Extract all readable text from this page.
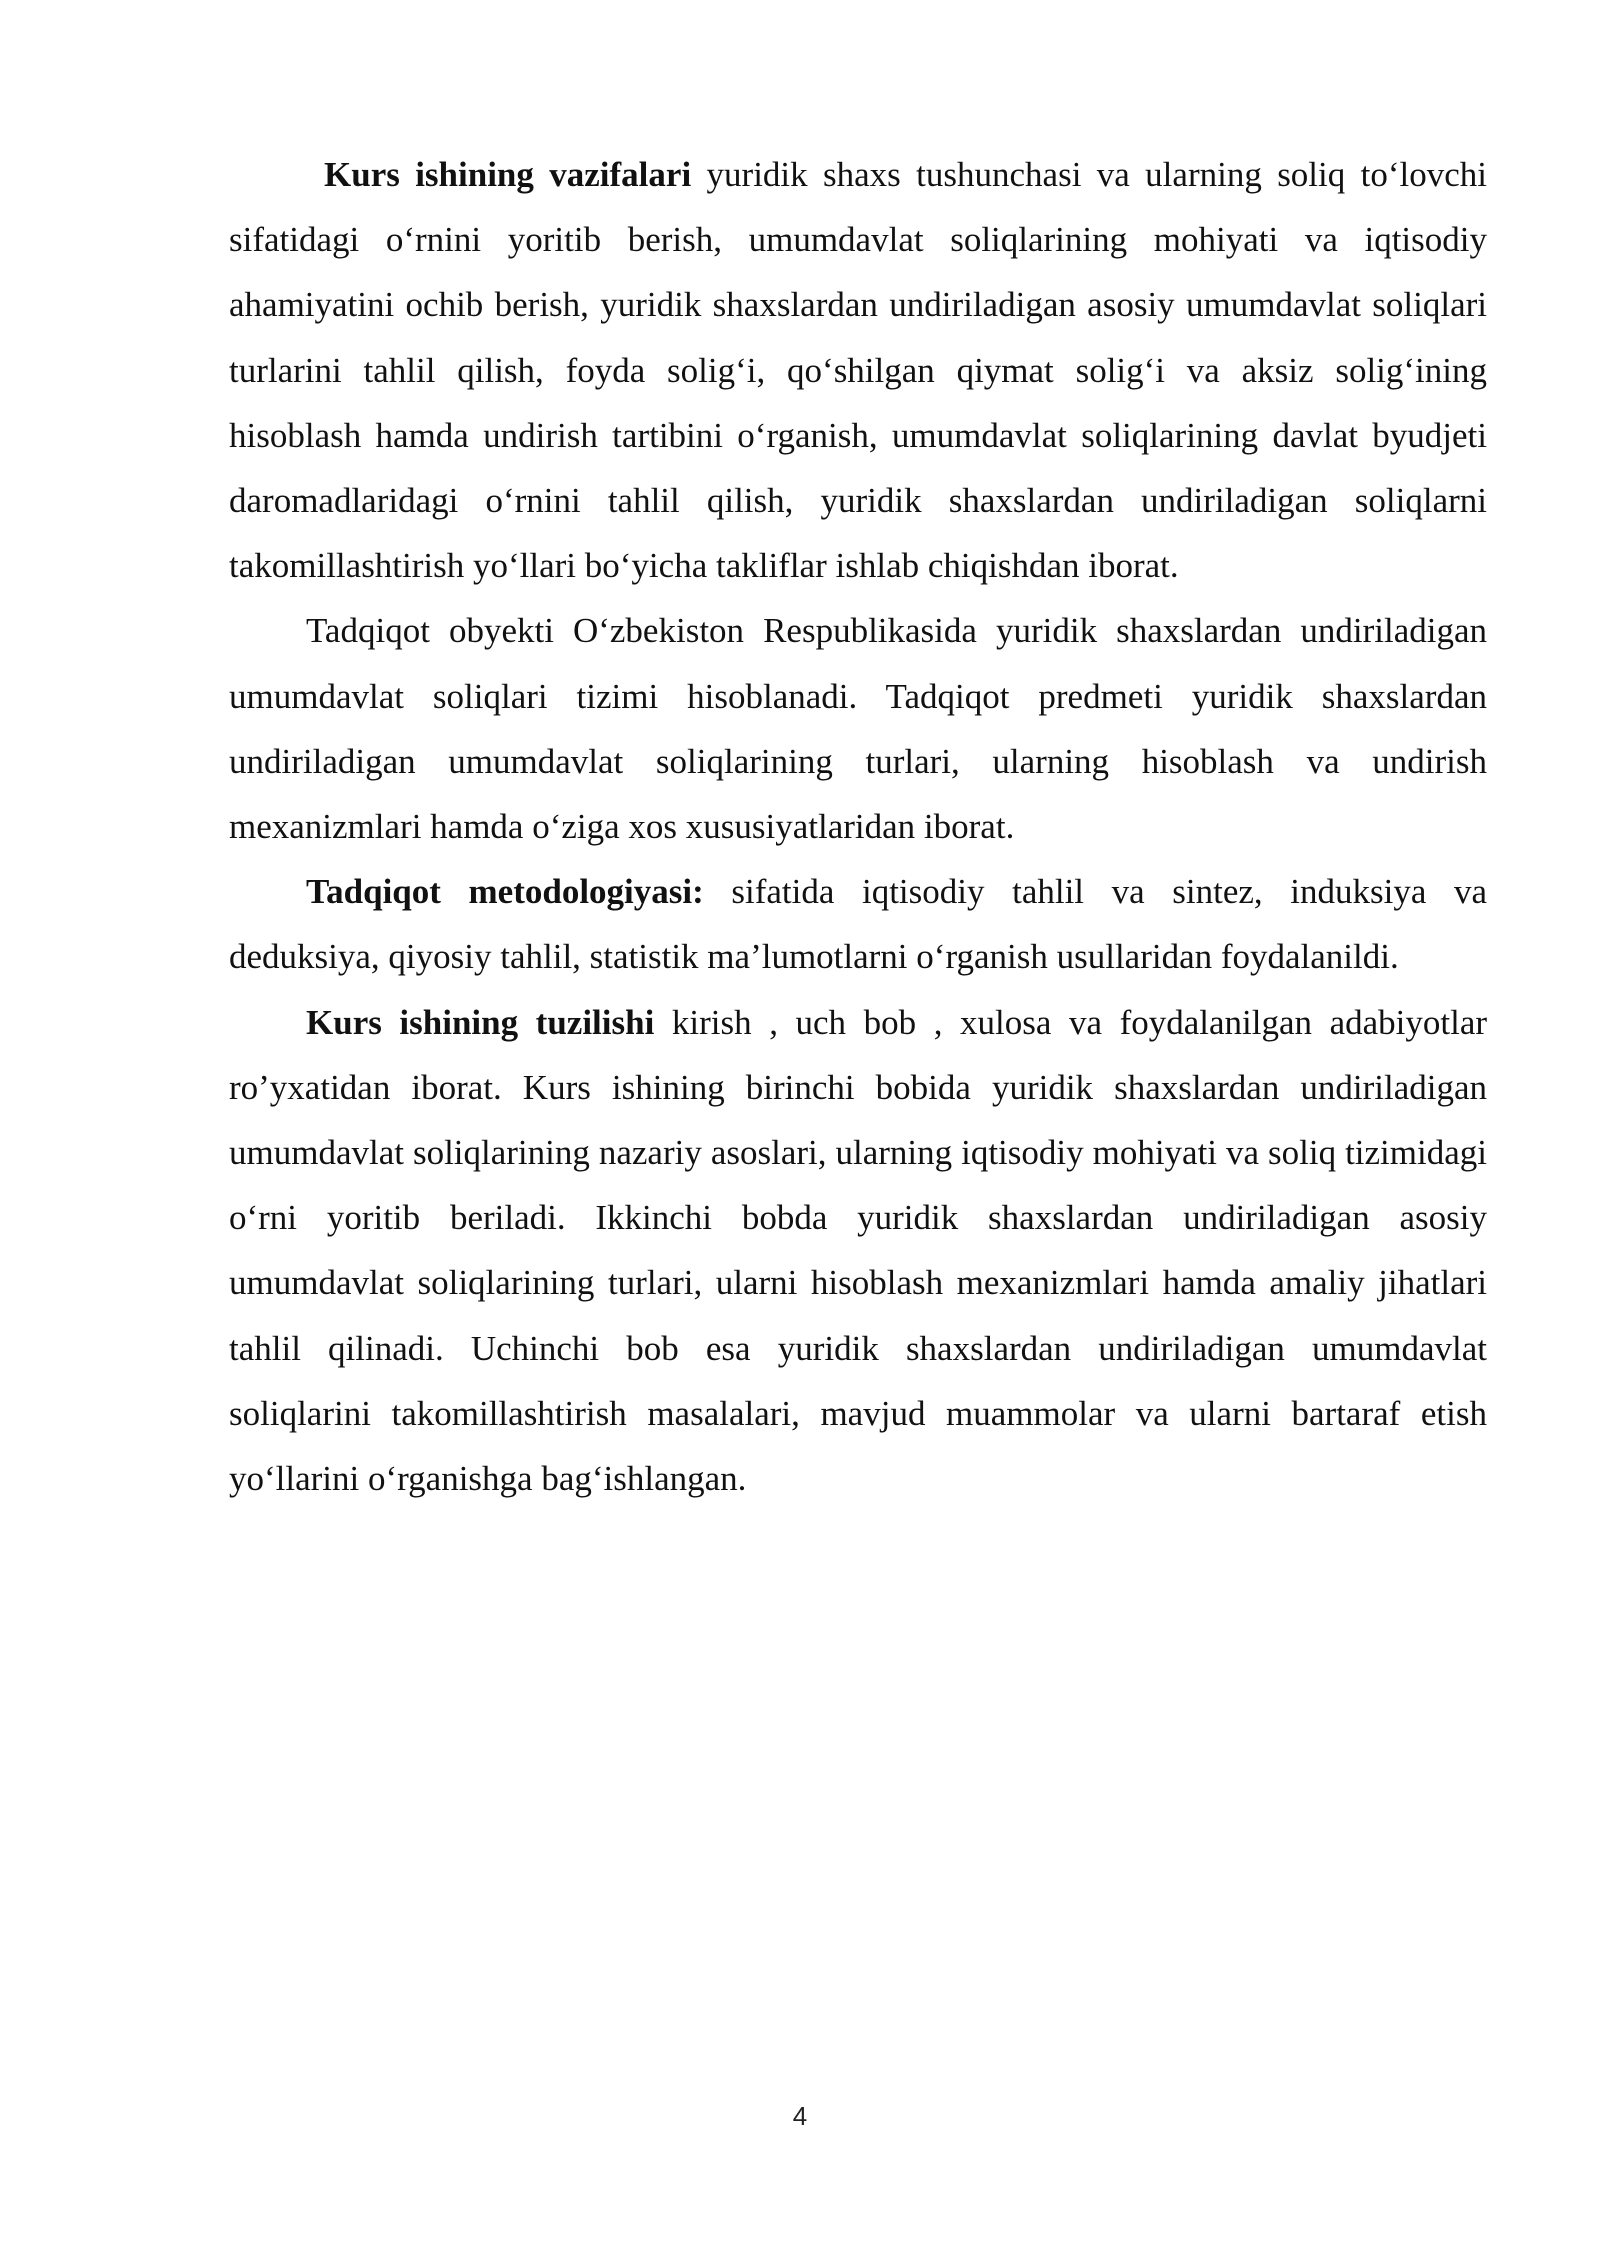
Kurs ishining vazifalari yuridik shaxs tushunchasi va ularning soliq to‘lovchi sifatidagi o‘rnini yoritib berish, umumdavlat soliqlarining mohiyati va iqtisodiy ahamiyatini ochib berish, yuridik shaxslardan undiriladigan asosiy umumdavlat soliqlari turlarini tahlil qilish, foyda solig‘i, qo‘shilgan qiymat solig‘i va aksiz solig‘ining hisoblash hamda undirish tartibini o‘rganish, umumdavlat soliqlarining davlat byudjeti daromadlaridagi o‘rnini tahlil qilish, yuridik shaxslardan undiriladigan soliqlarni takomillashtirish yo‘llari bo‘yicha takliflar ishlab chiqishdan iborat.

Tadqiqot obyekti O‘zbekiston Respublikasida yuridik shaxslardan undiriladigan umumdavlat soliqlari tizimi hisoblanadi. Tadqiqot predmeti yuridik shaxslardan undiriladigan umumdavlat soliqlarining turlari, ularning hisoblash va undirish mexanizmlari hamda o‘ziga xos xususiyatlaridan iborat.

Tadqiqot metodologiyasi: sifatida iqtisodiy tahlil va sintez, induksiya va deduksiya, qiyosiy tahlil, statistik ma’lumotlarni o‘rganish usullaridan foydalanildi.

Kurs ishining tuzilishi kirish , uch bob , xulosa va foydalanilgan adabiyotlar ro’yxatidan iborat. Kurs ishining birinchi bobida yuridik shaxslardan undiriladigan umumdavlat soliqlarining nazariy asoslari, ularning iqtisodiy mohiyati va soliq tizimidagi o‘rni yoritib beriladi. Ikkinchi bobda yuridik shaxslardan undiriladigan asosiy umumdavlat soliqlarining turlari, ularni hisoblash mexanizmlari hamda amaliy jihatlari tahlil qilinadi. Uchinchi bob esa yuridik shaxslardan undiriladigan umumdavlat soliqlarini takomillashtirish masalalari, mavjud muammolar va ularni bartaraf etish yo‘llarini o‘rganishga bag‘ishlangan.

4
